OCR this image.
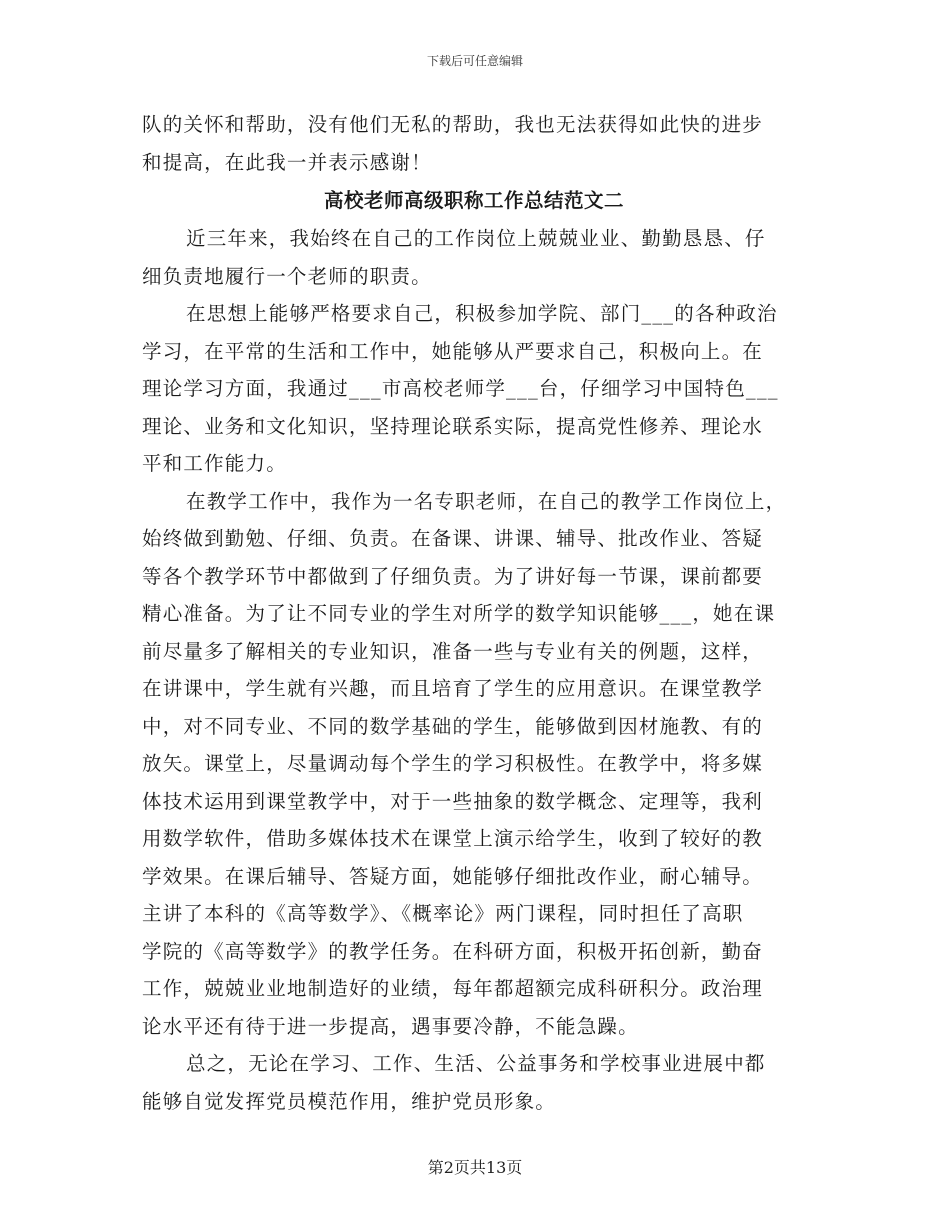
下载后可任意编辑
队的关怀和帮助，没有他们无私的帮助，我也无法获得如此快的进步
和提高，在此我一并表示感谢！
高校老师高级职称工作总结范文二
近三年来，我始终在自己的工作岗位上兢兢业业、勤勤恳恳、仔
细负责地履行一个老师的职责。
在思想上能够严格要求自己，积极参加学院、部门___的各种政治
学习，在平常的生活和工作中，她能够从严要求自己，积极向上。在
理论学习方面，我通过___市高校老师学___台，仔细学习中国特色___
理论、业务和文化知识，坚持理论联系实际，提高党性修养、理论水
平和工作能力。
在教学工作中，我作为一名专职老师，在自己的教学工作岗位上，
始终做到勤勉、仔细、负责。在备课、讲课、辅导、批改作业、答疑
等各个教学环节中都做到了仔细负责。为了讲好每一节课，课前都要
精心准备。为了让不同专业的学生对所学的数学知识能够___，她在课
前尽量多了解相关的专业知识，准备一些与专业有关的例题，这样，
在讲课中，学生就有兴趣，而且培育了学生的应用意识。在课堂教学
中，对不同专业、不同的数学基础的学生，能够做到因材施教、有的
放矢。课堂上，尽量调动每个学生的学习积极性。在教学中，将多媒
体技术运用到课堂教学中，对于一些抽象的数学概念、定理等，我利
用数学软件，借助多媒体技术在课堂上演示给学生，收到了较好的教
学效果。在课后辅导、答疑方面，她能够仔细批改作业，耐心辅导。
主讲了本科的《高等数学》、《概率论》两门课程，同时担任了高职
学院的《高等数学》的教学任务。在科研方面，积极开拓创新，勤奋
工作，兢兢业业地制造好的业绩，每年都超额完成科研积分。政治理
论水平还有待于进一步提高，遇事要冷静，不能急躁。
总之，无论在学习、工作、生活、公益事务和学校事业进展中都
能够自觉发挥党员模范作用，维护党员形象。
第2页共13页
